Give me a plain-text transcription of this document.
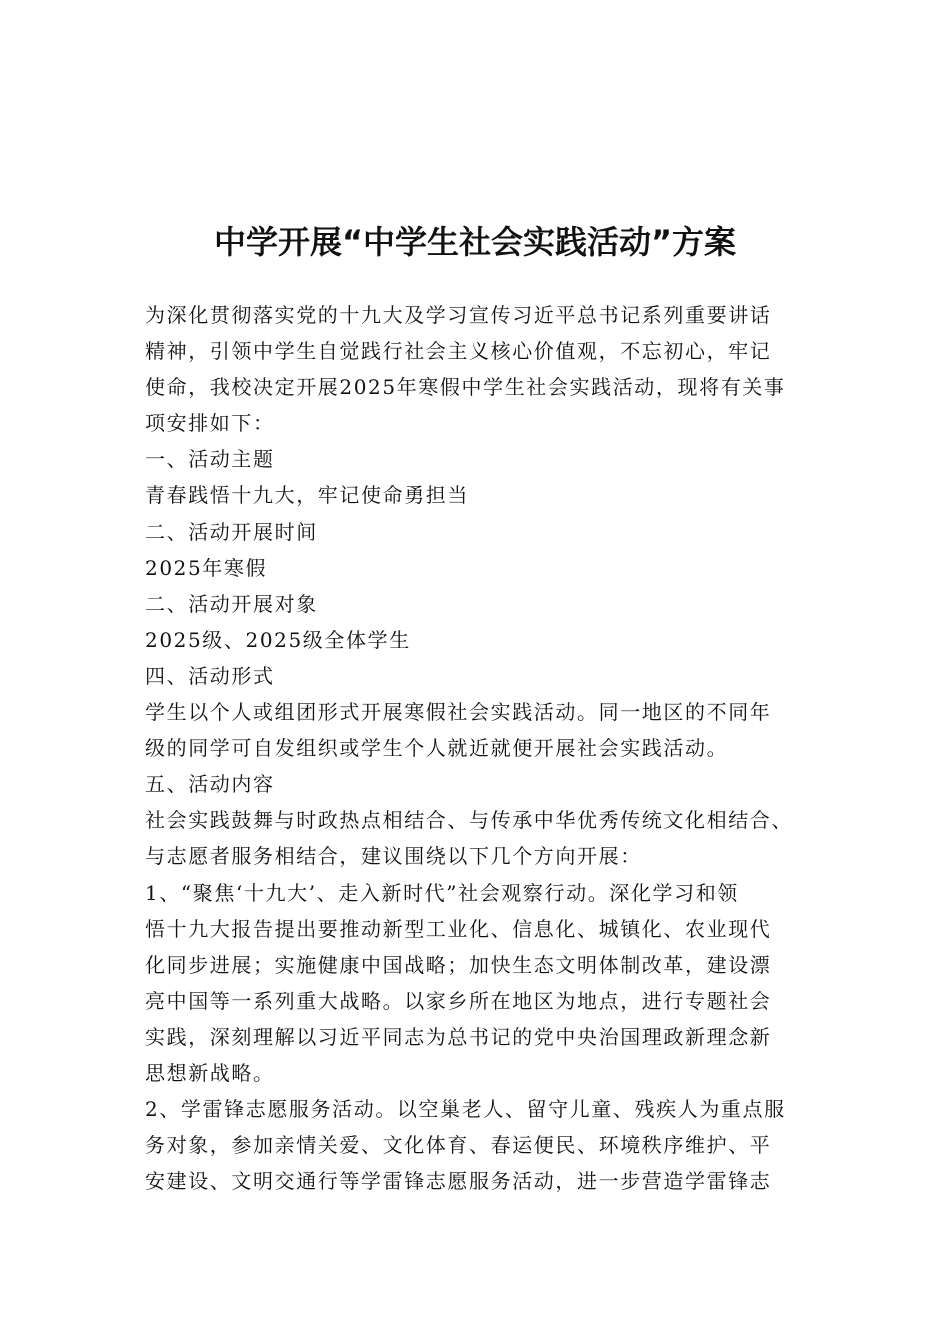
中学开展“中学生社会实践活动”方案
为深化贯彻落实党的十九大及学习宣传习近平总书记系列重要讲话
精神，引领中学生自觉践行社会主义核心价值观，不忘初心，牢记
使命，我校决定开展2025年寒假中学生社会实践活动，现将有关事
项安排如下：
一、活动主题
青春践悟十九大，牢记使命勇担当
二、活动开展时间
2025年寒假
二、活动开展对象
2025级、2025级全体学生
四、活动形式
学生以个人或组团形式开展寒假社会实践活动。同一地区的不同年
级的同学可自发组织或学生个人就近就便开展社会实践活动。
五、活动内容
社会实践鼓舞与时政热点相结合、与传承中华优秀传统文化相结合、
与志愿者服务相结合，建议围绕以下几个方向开展：
1、“聚焦‘十九大’、走入新时代”社会观察行动。深化学习和领
悟十九大报告提出要推动新型工业化、信息化、城镇化、农业现代
化同步进展；实施健康中国战略；加快生态文明体制改革，建设漂
亮中国等一系列重大战略。以家乡所在地区为地点，进行专题社会
实践，深刻理解以习近平同志为总书记的党中央治国理政新理念新
思想新战略。
2、学雷锋志愿服务活动。以空巢老人、留守儿童、残疾人为重点服
务对象，参加亲情关爱、文化体育、春运便民、环境秩序维护、平
安建设、文明交通行等学雷锋志愿服务活动，进一步营造学雷锋志
